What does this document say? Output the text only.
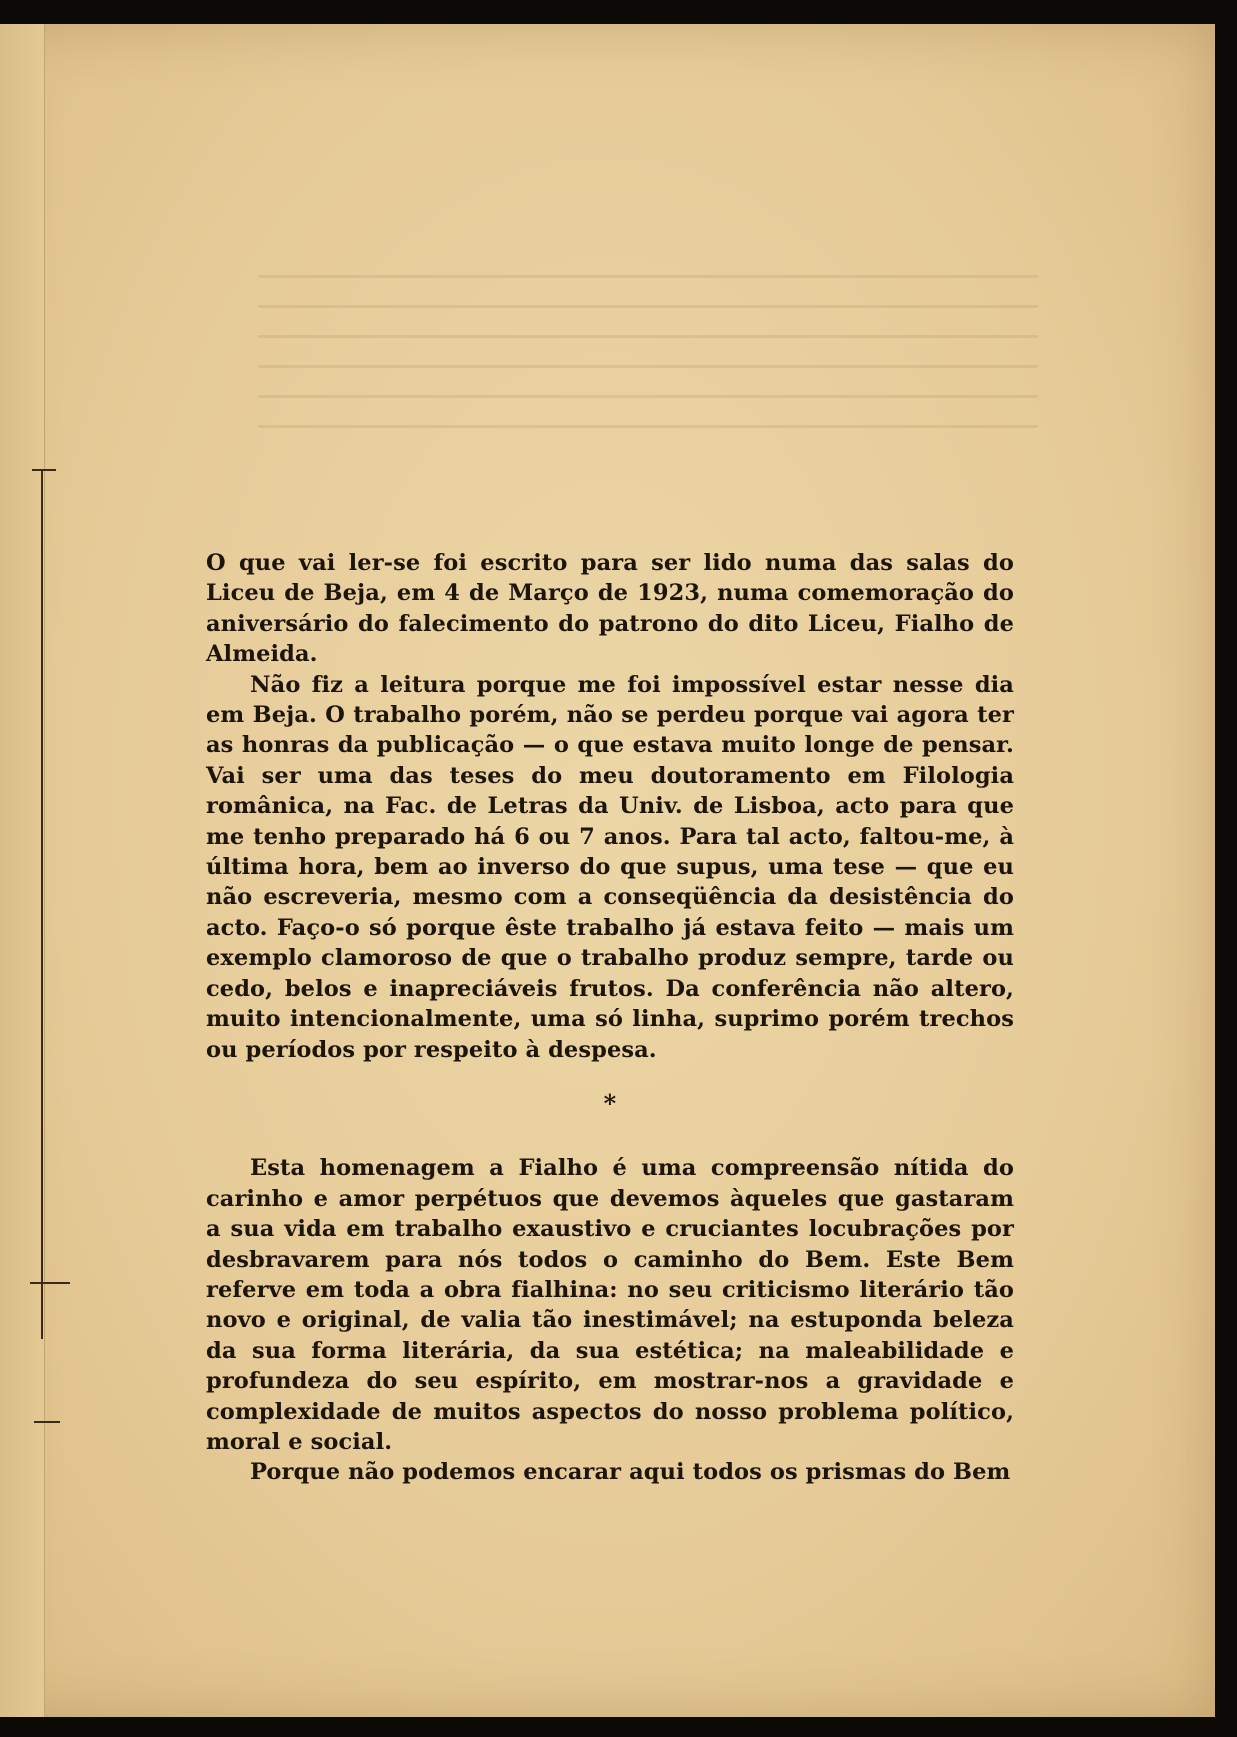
O que vai ler-se foi escrito para ser lido numa das salas do Liceu de Beja, em 4 de Março de 1923, numa comemoração do aniversário do falecimento do patrono do dito Liceu, Fialho de Almeida.

Não fiz a leitura porque me foi impossível estar nesse dia em Beja. O trabalho porém, não se perdeu porque vai agora ter as honras da publicação — o que estava muito longe de pensar. Vai ser uma das teses do meu doutoramento em Filologia românica, na Fac. de Letras da Univ. de Lisboa, acto para que me tenho preparado há 6 ou 7 anos. Para tal acto, faltou-me, à última hora, bem ao inverso do que supus, uma tese — que eu não escreveria, mesmo com a conseqüência da desistência do acto. Faço-o só porque êste trabalho já estava feito — mais um exemplo clamoroso de que o trabalho produz sempre, tarde ou cedo, belos e inapreciáveis frutos. Da conferência não altero, muito intencionalmente, uma só linha, suprimo porém trechos ou períodos por respeito à despesa.

*

Esta homenagem a Fialho é uma compreensão nítida do carinho e amor perpétuos que devemos àqueles que gastaram a sua vida em trabalho exaustivo e cruciantes locubrações por desbravarem para nós todos o caminho do Bem. Este Bem referve em toda a obra fialhina: no seu criticismo literário tão novo e original, de valia tão inestimável; na estuponda beleza da sua forma literária, da sua estética; na maleabilidade e profundeza do seu espírito, em mostrar-nos a gravidade e complexidade de muitos aspectos do nosso problema político, moral e social.

Porque não podemos encarar aqui todos os prismas do Bem
